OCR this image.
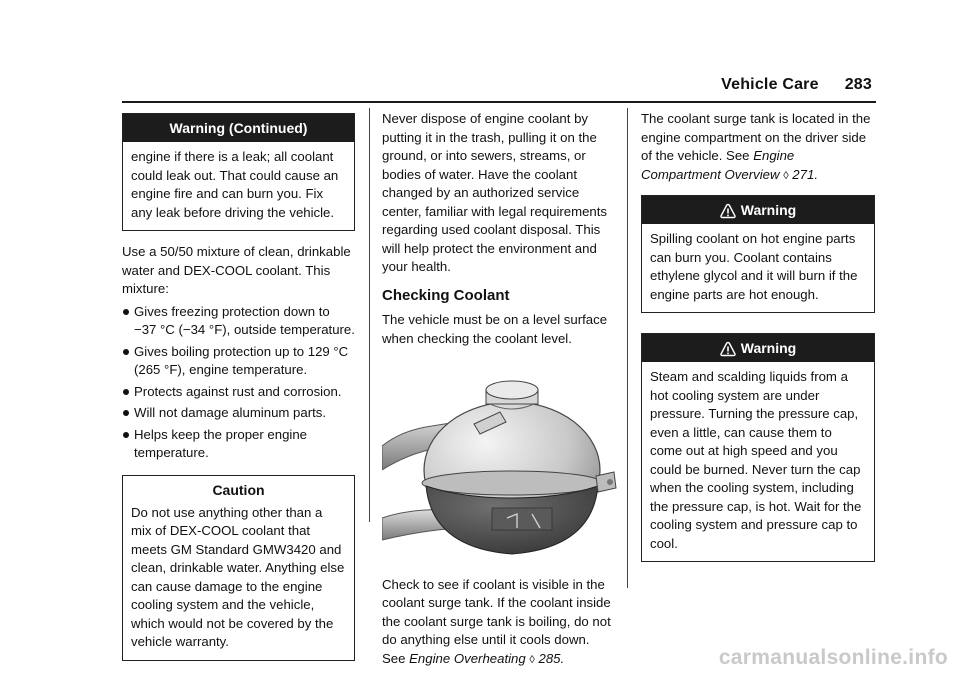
Vehicle Care 283
Warning (Continued)
engine if there is a leak; all coolant could leak out. That could cause an engine fire and can burn you. Fix any leak before driving the vehicle.

Use a 50/50 mixture of clean, drinkable water and DEX-COOL coolant. This mixture:

Gives freezing protection down to −37 °C (−34 °F), outside temperature.
Gives boiling protection up to 129 °C (265 °F), engine temperature.
Protects against rust and corrosion.
Will not damage aluminum parts.
Helps keep the proper engine temperature.
Caution
Do not use anything other than a mix of DEX-COOL coolant that meets GM Standard GMW3420 and clean, drinkable water. Anything else can cause damage to the engine cooling system and the vehicle, which would not be covered by the vehicle warranty.

Never dispose of engine coolant by putting it in the trash, pulling it on the ground, or into sewers, streams, or bodies of water. Have the coolant changed by an authorized service center, familiar with legal requirements regarding used coolant disposal. This will help protect the environment and your health.

Checking Coolant

The vehicle must be on a level surface when checking the coolant level.

Check to see if coolant is visible in the coolant surge tank. If the coolant inside the coolant surge tank is boiling, do not do anything else until it cools down. See Engine Overheating ◊ 285.

The coolant surge tank is located in the engine compartment on the driver side of the vehicle. See Engine Compartment Overview ◊ 271.

Warning
Spilling coolant on hot engine parts can burn you. Coolant contains ethylene glycol and it will burn if the engine parts are hot enough.
Warning
Steam and scalding liquids from a hot cooling system are under pressure. Turning the pressure cap, even a little, can cause them to come out at high speed and you could be burned. Never turn the cap when the cooling system, including the pressure cap, is hot. Wait for the cooling system and pressure cap to cool.
carmanualsonline.info
